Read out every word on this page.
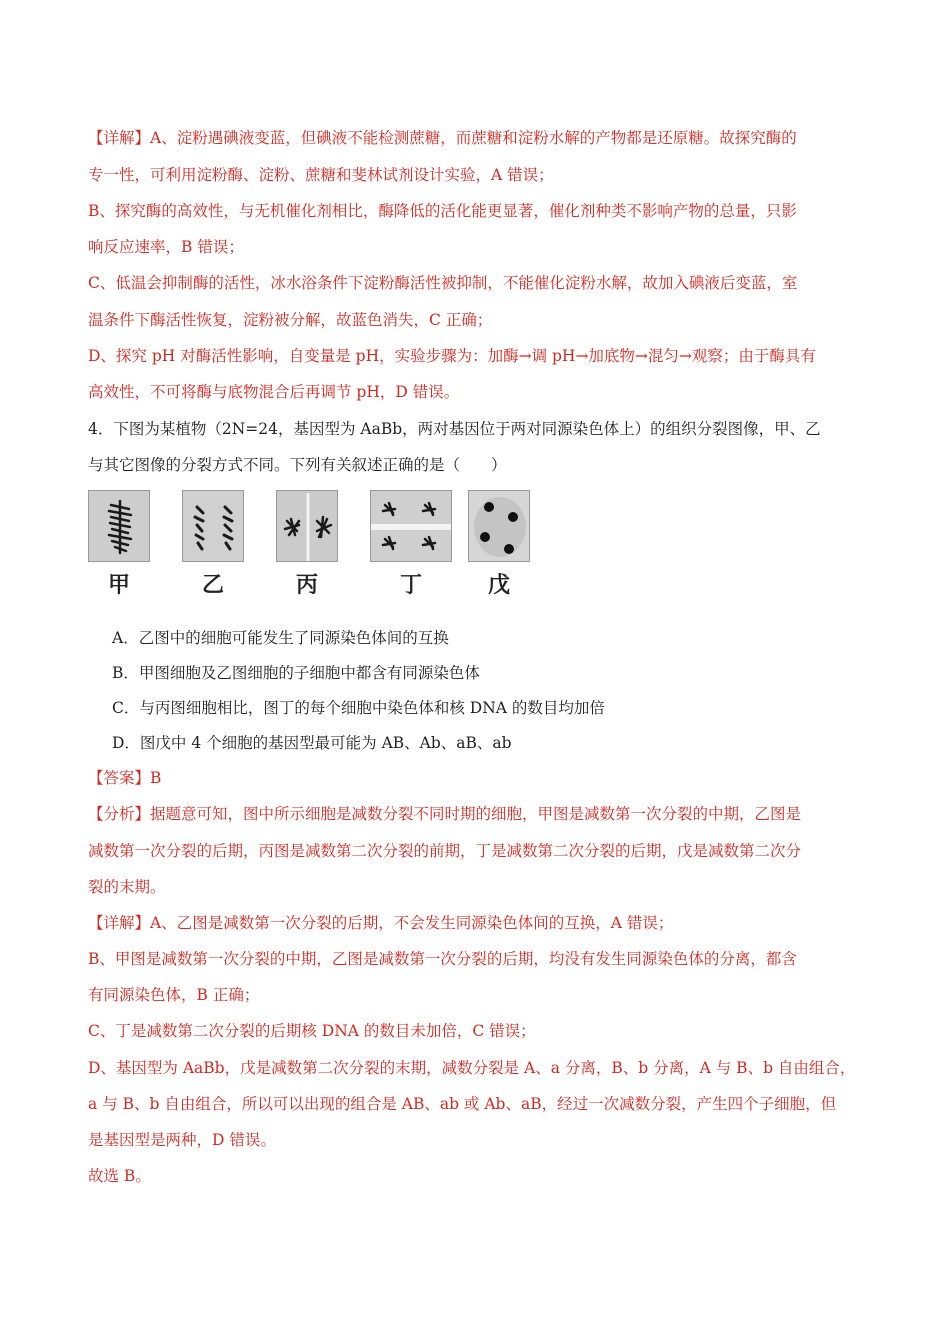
【详解】A、淀粉遇碘液变蓝，但碘液不能检测蔗糖，而蔗糖和淀粉水解的产物都是还原糖。故探究酶的
专一性，可利用淀粉酶、淀粉、蔗糖和斐林试剂设计实验，A 错误；
B、探究酶的高效性，与无机催化剂相比，酶降低的活化能更显著，催化剂种类不影响产物的总量，只影
响反应速率，B 错误；
C、低温会抑制酶的活性，冰水浴条件下淀粉酶活性被抑制，不能催化淀粉水解，故加入碘液后变蓝，室
温条件下酶活性恢复，淀粉被分解，故蓝色消失，C 正确；
D、探究 pH 对酶活性影响，自变量是 pH，实验步骤为：加酶→调 pH→加底物→混匀→观察；由于酶具有
高效性，不可将酶与底物混合后再调节 pH，D 错误。
4．下图为某植物（2N=24，基因型为 AaBb，两对基因位于两对同源染色体上）的组织分裂图像，甲、乙
与其它图像的分裂方式不同。下列有关叙述正确的是（　　）
甲	乙	丙	丁	戊
A．乙图中的细胞可能发生了同源染色体间的互换
B．甲图细胞及乙图细胞的子细胞中都含有同源染色体
C．与丙图细胞相比，图丁的每个细胞中染色体和核 DNA 的数目均加倍
D．图戊中 4 个细胞的基因型最可能为 AB、Ab、aB、ab
【答案】B
【分析】据题意可知，图中所示细胞是减数分裂不同时期的细胞，甲图是减数第一次分裂的中期，乙图是
减数第一次分裂的后期，丙图是减数第二次分裂的前期，丁是减数第二次分裂的后期，戊是减数第二次分
裂的末期。
【详解】A、乙图是减数第一次分裂的后期，不会发生同源染色体间的互换，A 错误；
B、甲图是减数第一次分裂的中期，乙图是减数第一次分裂的后期，均没有发生同源染色体的分离，都含
有同源染色体，B 正确；
C、丁是减数第二次分裂的后期核 DNA 的数目未加倍，C 错误；
D、基因型为 AaBb，戊是减数第二次分裂的末期，减数分裂是 A、a 分离，B、b 分离，A 与 B、b 自由组合，
a 与 B、b 自由组合，所以可以出现的组合是 AB、ab 或 Ab、aB，经过一次减数分裂，产生四个子细胞，但
是基因型是两种，D 错误。
故选 B。
